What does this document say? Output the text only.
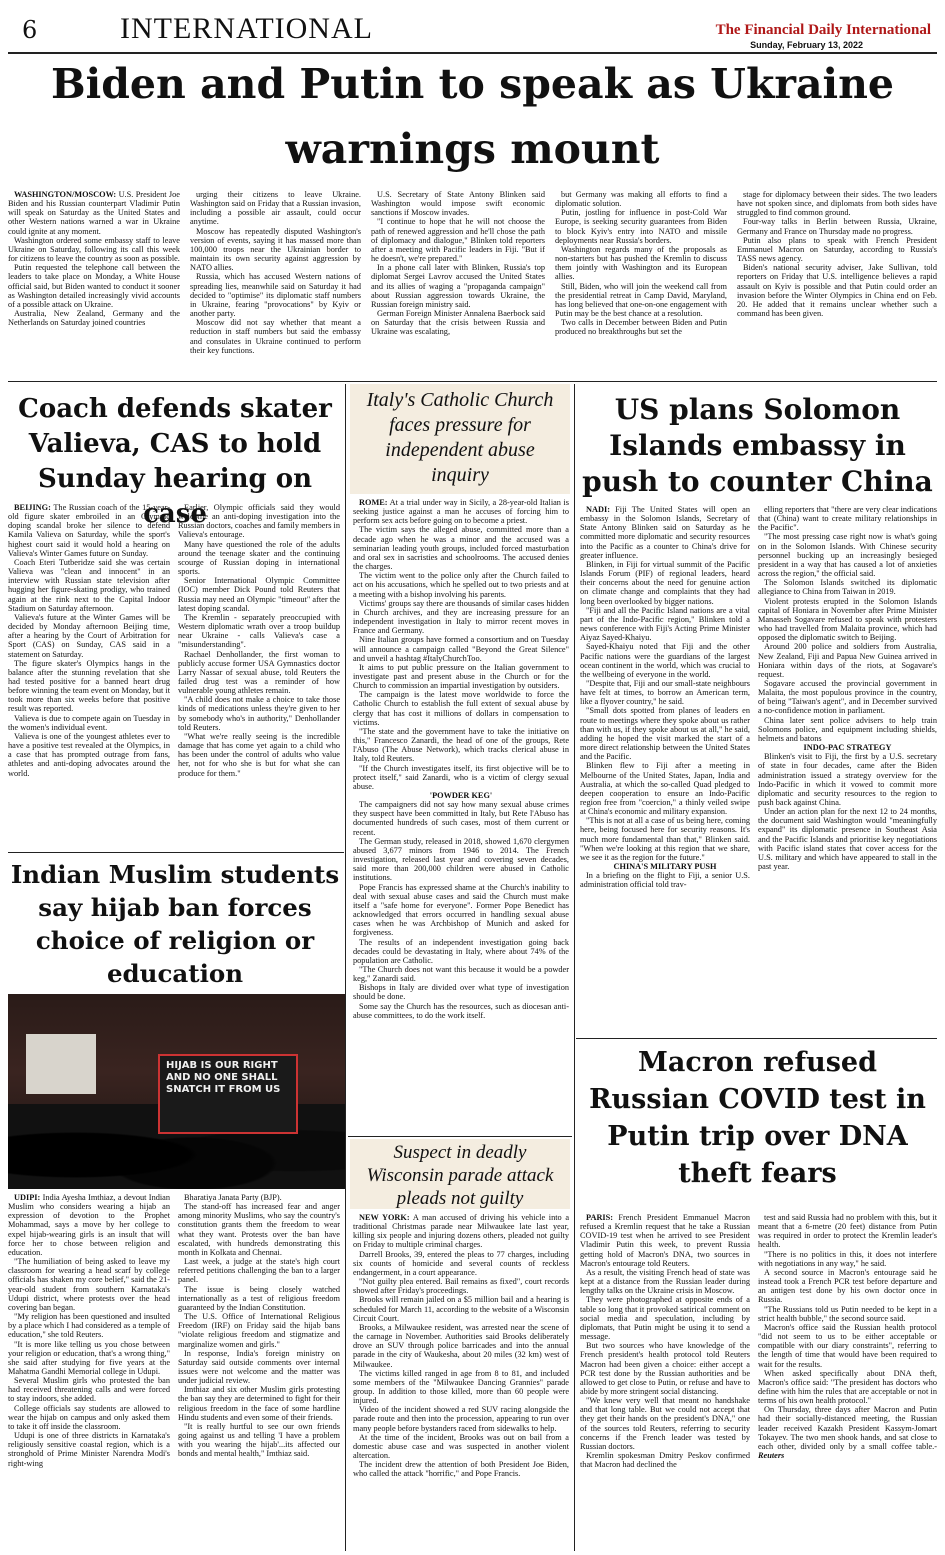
6	INTERNATIONAL	The Financial Daily International
Sunday, February 13, 2022
Biden and Putin to speak as Ukraine
warnings mount

WASHINGTON/MOSCOW: U.S. President Joe Biden and his Russian counterpart Vladimir Putin will speak on Saturday as the United States and other Western nations warned a war in Ukraine could ignite at any moment.

Washington ordered some embassy staff to leave Ukraine on Saturday, following its call this week for citizens to leave the country as soon as possible.

Putin requested the telephone call between the leaders to take place on Monday, a White House official said, but Biden wanted to conduct it sooner as Washington detailed increasingly vivid accounts of a possible attack on Ukraine.

Australia, New Zealand, Germany and the Netherlands on Saturday joined countries

urging their citizens to leave Ukraine. Washington said on Friday that a Russian invasion, including a possible air assault, could occur anytime.

Moscow has repeatedly disputed Washington's version of events, saying it has massed more than 100,000 troops near the Ukrainian border to maintain its own security against aggression by NATO allies.

Russia, which has accused Western nations of spreading lies, meanwhile said on Saturday it had decided to "optimise" its diplomatic staff numbers in Ukraine, fearing "provocations" by Kyiv or another party.

Moscow did not say whether that meant a reduction in staff numbers but said the embassy and consulates in Ukraine continued to perform their key functions.

U.S. Secretary of State Antony Blinken said Washington would impose swift economic sanctions if Moscow invades.

"I continue to hope that he will not choose the path of renewed aggression and he'll chose the path of diplomacy and dialogue," Blinken told reporters after a meeting with Pacific leaders in Fiji. "But if he doesn't, we're prepared."

In a phone call later with Blinken, Russia's top diplomat Sergei Lavrov accused the United States and its allies of waging a "propaganda campaign" about Russian aggression towards Ukraine, the Russian foreign ministry said.

German Foreign Minister Annalena Baerbock said on Saturday that the crisis between Russia and Ukraine was escalating,

but Germany was making all efforts to find a diplomatic solution.

Putin, jostling for influence in post-Cold War Europe, is seeking security guarantees from Biden to block Kyiv's entry into NATO and missile deployments near Russia's borders.

Washington regards many of the proposals as non-starters but has pushed the Kremlin to discuss them jointly with Washington and its European allies.

Still, Biden, who will join the weekend call from the presidential retreat in Camp David, Maryland, has long believed that one-on-one engagement with Putin may be the best chance at a resolution.

Two calls in December between Biden and Putin produced no breakthroughs but set the

stage for diplomacy between their sides. The two leaders have not spoken since, and diplomats from both sides have struggled to find common ground.

Four-way talks in Berlin between Russia, Ukraine, Germany and France on Thursday made no progress.

Putin also plans to speak with French President Emmanuel Macron on Saturday, according to Russia's TASS news agency.

Biden's national security adviser, Jake Sullivan, told reporters on Friday that U.S. intelligence believes a rapid assault on Kyiv is possible and that Putin could order an invasion before the Winter Olympics in China end on Feb. 20. He added that it remains unclear whether such a command has been given.

Coach defends skater Valieva, CAS to hold Sunday hearing on case

BEIJING: The Russian coach of the 15-year-old figure skater embroiled in an Olympic doping scandal broke her silence to defend Kamila Valieva on Saturday, while the sport's highest court said it would hold a hearing on Valieva's Winter Games future on Sunday.

Coach Eteri Tutberidze said she was certain Valieva was "clean and innocent" in an interview with Russian state television after hugging her figure-skating prodigy, who trained again at the rink next to the Capital Indoor Stadium on Saturday afternoon.

Valieva's future at the Winter Games will be decided by Monday afternoon Beijing time, after a hearing by the Court of Arbitration for Sport (CAS) on Sunday, CAS said in a statement on Saturday.

The figure skater's Olympics hangs in the balance after the stunning revelation that she had tested positive for a banned heart drug before winning the team event on Monday, but it took more than six weeks before that positive result was reported.

Valieva is due to compete again on Tuesday in the women's individual event.

Valieva is one of the youngest athletes ever to have a positive test revealed at the Olympics, in a case that has prompted outrage from fans, athletes and anti-doping advocates around the world.

Earlier, Olympic officials said they would welcome an anti-doping investigation into the Russian doctors, coaches and family members in Valieva's entourage.

Many have questioned the role of the adults around the teenage skater and the continuing scourge of Russian doping in international sports.

Senior International Olympic Committee (IOC) member Dick Pound told Reuters that Russia may need an Olympic "timeout" after the latest doping scandal.

The Kremlin - separately preoccupied with Western diplomatic wrath over a troop buildup near Ukraine - calls Valieva's case a "misunderstanding".

Rachael Denhollander, the first woman to publicly accuse former USA Gymnastics doctor Larry Nassar of sexual abuse, told Reuters the failed drug test was a reminder of how vulnerable young athletes remain.

"A child does not make a choice to take those kinds of medications unless they're given to her by somebody who's in authority," Denhollander told Reuters.

"What we're really seeing is the incredible damage that has come yet again to a child who has been under the control of adults who value her, not for who she is but for what she can produce for them."

Indian Muslim students say hijab ban forces choice of religion or education
HIJAB IS OUR RIGHT AND NO ONE SHALL SNATCH IT FROM US

UDIPI: India Ayesha Imthiaz, a devout Indian Muslim who considers wearing a hijab an expression of devotion to the Prophet Mohammad, says a move by her college to expel hijab-wearing girls is an insult that will force her to chose between religion and education.

"The humiliation of being asked to leave my classroom for wearing a head scarf by college officials has shaken my core belief," said the 21-year-old student from southern Karnataka's Udupi district, where protests over the head covering ban began.

"My religion has been questioned and insulted by a place which I had considered as a temple of education," she told Reuters.

"It is more like telling us you chose between your religion or education, that's a wrong thing," she said after studying for five years at the Mahatma Gandhi Memorial college in Udupi.

Several Muslim girls who protested the ban had received threatening calls and were forced to stay indoors, she added.

College officials say students are allowed to wear the hijab on campus and only asked them to take it off inside the classroom.

Udupi is one of three districts in Karnataka's religiously sensitive coastal region, which is a stronghold of Prime Minister Narendra Modi's right-wing

Bharatiya Janata Party (BJP).

The stand-off has increased fear and anger among minority Muslims, who say the country's constitution grants them the freedom to wear what they want. Protests over the ban have escalated, with hundreds demonstrating this month in Kolkata and Chennai.

Last week, a judge at the state's high court referred petitions challenging the ban to a larger panel.

The issue is being closely watched internationally as a test of religious freedom guaranteed by the Indian Constitution.

The U.S. Office of International Religious Freedom (IRF) on Friday said the hijab bans "violate religious freedom and stigmatize and marginalize women and girls."

In response, India's foreign ministry on Saturday said outside comments over internal issues were not welcome and the matter was under judicial review.

Imthiaz and six other Muslim girls protesting the ban say they are determined to fight for their religious freedom in the face of some hardline Hindu students and even some of their friends.

"It is really hurtful to see our own friends going against us and telling 'I have a problem with you wearing the hijab'...its affected our bonds and mental health," Imthiaz said.

Italy's Catholic Church faces pressure for independent abuse inquiry

ROME: At a trial under way in Sicily, a 28-year-old Italian is seeking justice against a man he accuses of forcing him to perform sex acts before going on to become a priest.

The victim says the alleged abuse, committed more than a decade ago when he was a minor and the accused was a seminarian leading youth groups, included forced masturbation and oral sex in sacristies and schoolrooms. The accused denies the charges.

The victim went to the police only after the Church failed to act on his accusations, which he spelled out to two priests and at a meeting with a bishop involving his parents.

Victims' groups say there are thousands of similar cases hidden in Church archives, and they are increasing pressure for an independent investigation in Italy to mirror recent moves in France and Germany.

Nine Italian groups have formed a consortium and on Tuesday will announce a campaign called "Beyond the Great Silence" and unveil a hashtag #ItalyChurchToo.

It aims to put public pressure on the Italian government to investigate past and present abuse in the Church or for the Church to commission an impartial investigation by outsiders.

The campaign is the latest move worldwide to force the Catholic Church to establish the full extent of sexual abuse by clergy that has cost it millions of dollars in compensation to victims.

"The state and the government have to take the initiative on this," Francesco Zanardi, the head of one of the groups, Rete l'Abuso (The Abuse Network), which tracks clerical abuse in Italy, told Reuters.

"If the Church investigates itself, its first objective will be to protect itself," said Zanardi, who is a victim of clergy sexual abuse.

'POWDER KEG'

The campaigners did not say how many sexual abuse crimes they suspect have been committed in Italy, but Rete l'Abuso has documented hundreds of such cases, most of them current or recent.

The German study, released in 2018, showed 1,670 clergymen abused 3,677 minors from 1946 to 2014. The French investigation, released last year and covering seven decades, said more than 200,000 children were abused in Catholic institutions.

Pope Francis has expressed shame at the Church's inability to deal with sexual abuse cases and said the Church must make itself a "safe home for everyone". Former Pope Benedict has acknowledged that errors occurred in handling sexual abuse cases when he was Archbishop of Munich and asked for forgiveness.

The results of an independent investigation going back decades could be devastating in Italy, where about 74% of the population are Catholic.

"The Church does not want this because it would be a powder keg," Zanardi said.

Bishops in Italy are divided over what type of investigation should be done.

Some say the Church has the resources, such as diocesan anti-abuse committees, to do the work itself.

Suspect in deadly Wisconsin parade attack pleads not guilty

NEW YORK: A man accused of driving his vehicle into a traditional Christmas parade near Milwaukee late last year, killing six people and injuring dozens others, pleaded not guilty on Friday to multiple criminal charges.

Darrell Brooks, 39, entered the pleas to 77 charges, including six counts of homicide and several counts of reckless endangerment, in a court appearance.

"Not guilty plea entered. Bail remains as fixed", court records showed after Friday's proceedings.

Brooks will remain jailed on a $5 million bail and a hearing is scheduled for March 11, according to the website of a Wisconsin Circuit Court.

Brooks, a Milwaukee resident, was arrested near the scene of the carnage in November. Authorities said Brooks deliberately drove an SUV through police barricades and into the annual parade in the city of Waukesha, about 20 miles (32 km) west of Milwaukee.

The victims killed ranged in age from 8 to 81, and included some members of the "Milwaukee Dancing Grannies" parade group. In addition to those killed, more than 60 people were injured.

Video of the incident showed a red SUV racing alongside the parade route and then into the procession, appearing to run over many people before bystanders raced from sidewalks to help.

At the time of the incident, Brooks was out on bail from a domestic abuse case and was suspected in another violent altercation.

The incident drew the attention of both President Joe Biden, who called the attack "horrific," and Pope Francis.

US plans Solomon Islands embassy in push to counter China

NADI: Fiji The United States will open an embassy in the Solomon Islands, Secretary of State Antony Blinken said on Saturday as he committed more diplomatic and security resources into the Pacific as a counter to China's drive for greater influence.

Blinken, in Fiji for virtual summit of the Pacific Islands Forum (PIF) of regional leaders, heard their concerns about the need for genuine action on climate change and complaints that they had long been overlooked by bigger nations.

"Fiji and all the Pacific Island nations are a vital part of the Indo-Pacific region," Blinken told a news conference with Fiji's Acting Prime Minister Aiyaz Sayed-Khaiyu.

Sayed-Khaiyu noted that Fiji and the other Pacific nations were the guardians of the largest ocean continent in the world, which was crucial to the wellbeing of everyone in the world.

"Despite that, Fiji and our small-state neighbours have felt at times, to borrow an American term, like a flyover country," he said.

"Small dots spotted from planes of leaders en route to meetings where they spoke about us rather than with us, if they spoke about us at all," he said, adding he hoped the visit marked the start of a more direct relationship between the United States and the Pacific.

Blinken flew to Fiji after a meeting in Melbourne of the United States, Japan, India and Australia, at which the so-called Quad pledged to deepen cooperation to ensure an Indo-Pacific region free from "coercion," a thinly veiled swipe at China's economic and military expansion.

"This is not at all a case of us being here, coming here, being focused here for security reasons. It's much more fundamental than that," Blinken said. "When we're looking at this region that we share, we see it as the region for the future."

CHINA'S MILITARY PUSH

In a briefing on the flight to Fiji, a senior U.S. administration official told trav-

elling reporters that "there are very clear indications that (China) want to create military relationships in the Pacific".

"The most pressing case right now is what's going on in the Solomon Islands. With Chinese security personnel bucking up an increasingly besieged president in a way that has caused a lot of anxieties across the region," the official said.

The Solomon Islands switched its diplomatic allegiance to China from Taiwan in 2019.

Violent protests erupted in the Solomon Islands capital of Honiara in November after Prime Minister Manasseh Sogavare refused to speak with protesters who had travelled from Malaita province, which had opposed the diplomatic switch to Beijing.

Around 200 police and soldiers from Australia, New Zealand, Fiji and Papua New Guinea arrived in Honiara within days of the riots, at Sogavare's request.

Sogavare accused the provincial government in Malaita, the most populous province in the country, of being "Taiwan's agent", and in December survived a no-confidence motion in parliament.

China later sent police advisers to help train Solomons police, and equipment including shields, helmets and batons

INDO-PAC STRATEGY

Blinken's visit to Fiji, the first by a U.S. secretary of state in four decades, came after the Biden administration issued a strategy overview for the Indo-Pacific in which it vowed to commit more diplomatic and security resources to the region to push back against China.

Under an action plan for the next 12 to 24 months, the document said Washington would "meaningfully expand" its diplomatic presence in Southeast Asia and the Pacific Islands and prioritise key negotiations with Pacific island states that cover access for the U.S. military and which have appeared to stall in the past year.

Macron refused Russian COVID test in Putin trip over DNA theft fears

PARIS: French President Emmanuel Macron refused a Kremlin request that he take a Russian COVID-19 test when he arrived to see President Vladimir Putin this week, to prevent Russia getting hold of Macron's DNA, two sources in Macron's entourage told Reuters.

As a result, the visiting French head of state was kept at a distance from the Russian leader during lengthy talks on the Ukraine crisis in Moscow.

They were photographed at opposite ends of a table so long that it provoked satirical comment on social media and speculation, including by diplomats, that Putin might be using it to send a message.

But two sources who have knowledge of the French president's health protocol told Reuters Macron had been given a choice: either accept a PCR test done by the Russian authorities and be allowed to get close to Putin, or refuse and have to abide by more stringent social distancing.

"We knew very well that meant no handshake and that long table. But we could not accept that they get their hands on the president's DNA," one of the sources told Reuters, referring to security concerns if the French leader was tested by Russian doctors.

Kremlin spokesman Dmitry Peskov confirmed that Macron had declined the

test and said Russia had no problem with this, but it meant that a 6-metre (20 feet) distance from Putin was required in order to protect the Kremlin leader's health.

"There is no politics in this, it does not interfere with negotiations in any way," he said.

A second source in Macron's entourage said he instead took a French PCR test before departure and an antigen test done by his own doctor once in Russia.

"The Russians told us Putin needed to be kept in a strict health bubble," the second source said.

Macron's office said the Russian health protocol "did not seem to us to be either acceptable or compatible with our diary constraints", referring to the length of time that would have been required to wait for the results.

When asked specifically about DNA theft, Macron's office said: "The president has doctors who define with him the rules that are acceptable or not in terms of his own health protocol."

On Thursday, three days after Macron and Putin had their socially-distanced meeting, the Russian leader received Kazakh President Kassym-Jomart Tokayev. The two men shook hands, and sat close to each other, divided only by a small coffee table.-Reuters
